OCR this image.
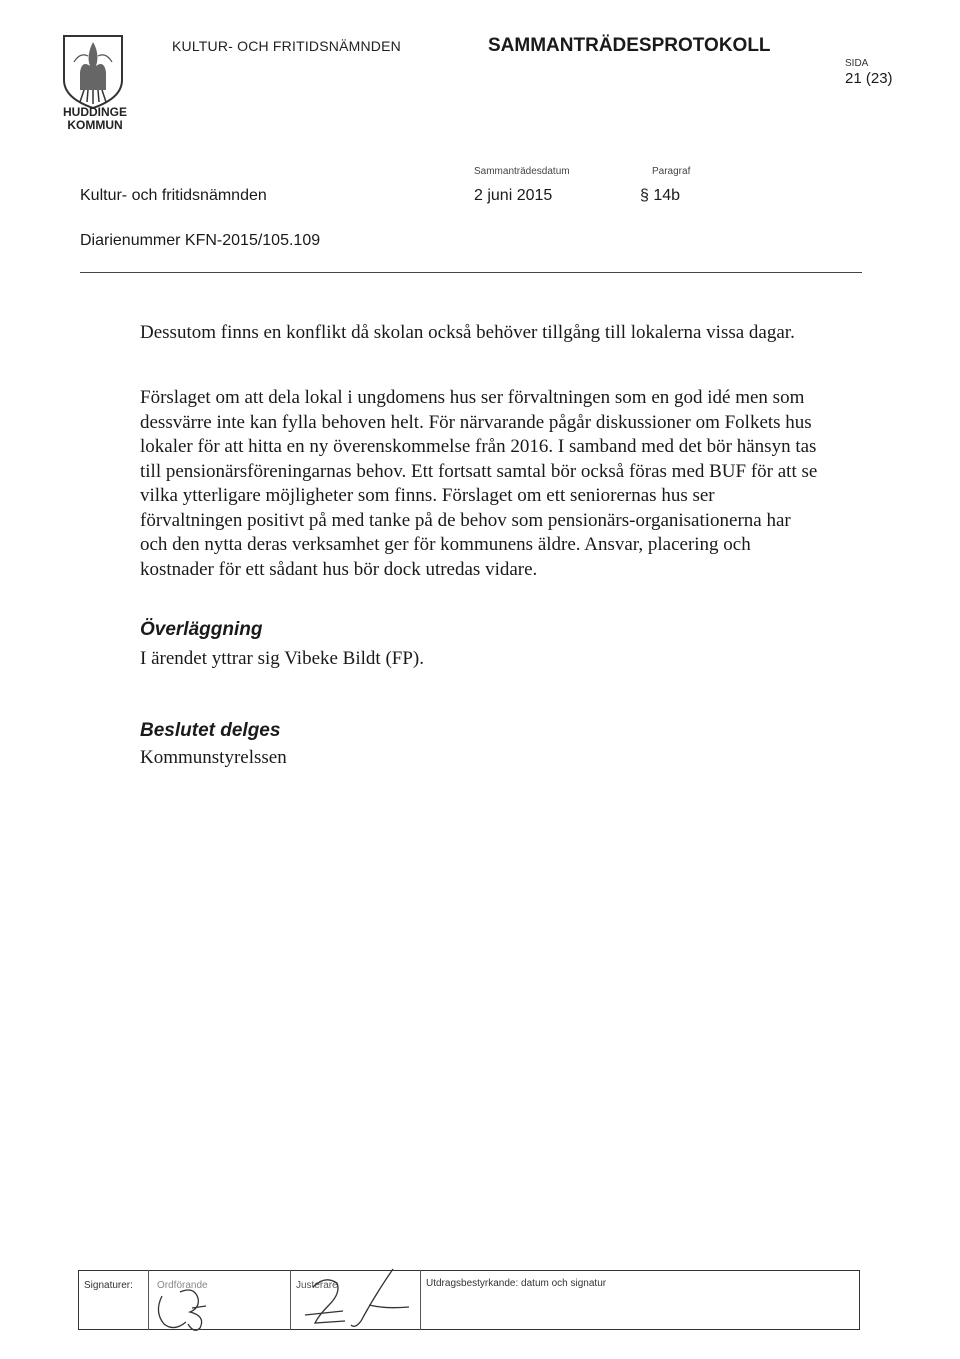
HUDDINGE
KOMMUN
KULTUR- OCH FRITIDSNÄMNDEN	SAMMANTRÄDESPROTOKOLL
SIDA
21 (23)
Kultur- och fritidsnämnden
Sammanträdesdatum
2 juni 2015
Paragraf
§ 14b
Diarienummer KFN-2015/105.109
Dessutom finns en konflikt då skolan också behöver tillgång till lokalerna vissa dagar.
Förslaget om att dela lokal i ungdomens hus ser förvaltningen som en god idé men som dessvärre inte kan fylla behoven helt. För närvarande pågår diskussioner om Folkets hus lokaler för att hitta en ny överenskommelse från 2016. I samband med det bör hänsyn tas till pensionärsföreningarnas behov. Ett fortsatt samtal bör också föras med BUF för att se vilka ytterligare möjligheter som finns. Förslaget om ett seniorernas hus ser förvaltningen positivt på med tanke på de behov som pensionärs-organisationerna har och den nytta deras verksamhet ger för kommunens äldre. Ansvar, placering och kostnader för ett sådant hus bör dock utredas vidare.
Överläggning
I ärendet yttrar sig Vibeke Bildt (FP).
Beslutet delges
Kommunstyrelssen
Signaturer: Ordförande	Justerare	Utdragsbestyrkande: datum och signatur
